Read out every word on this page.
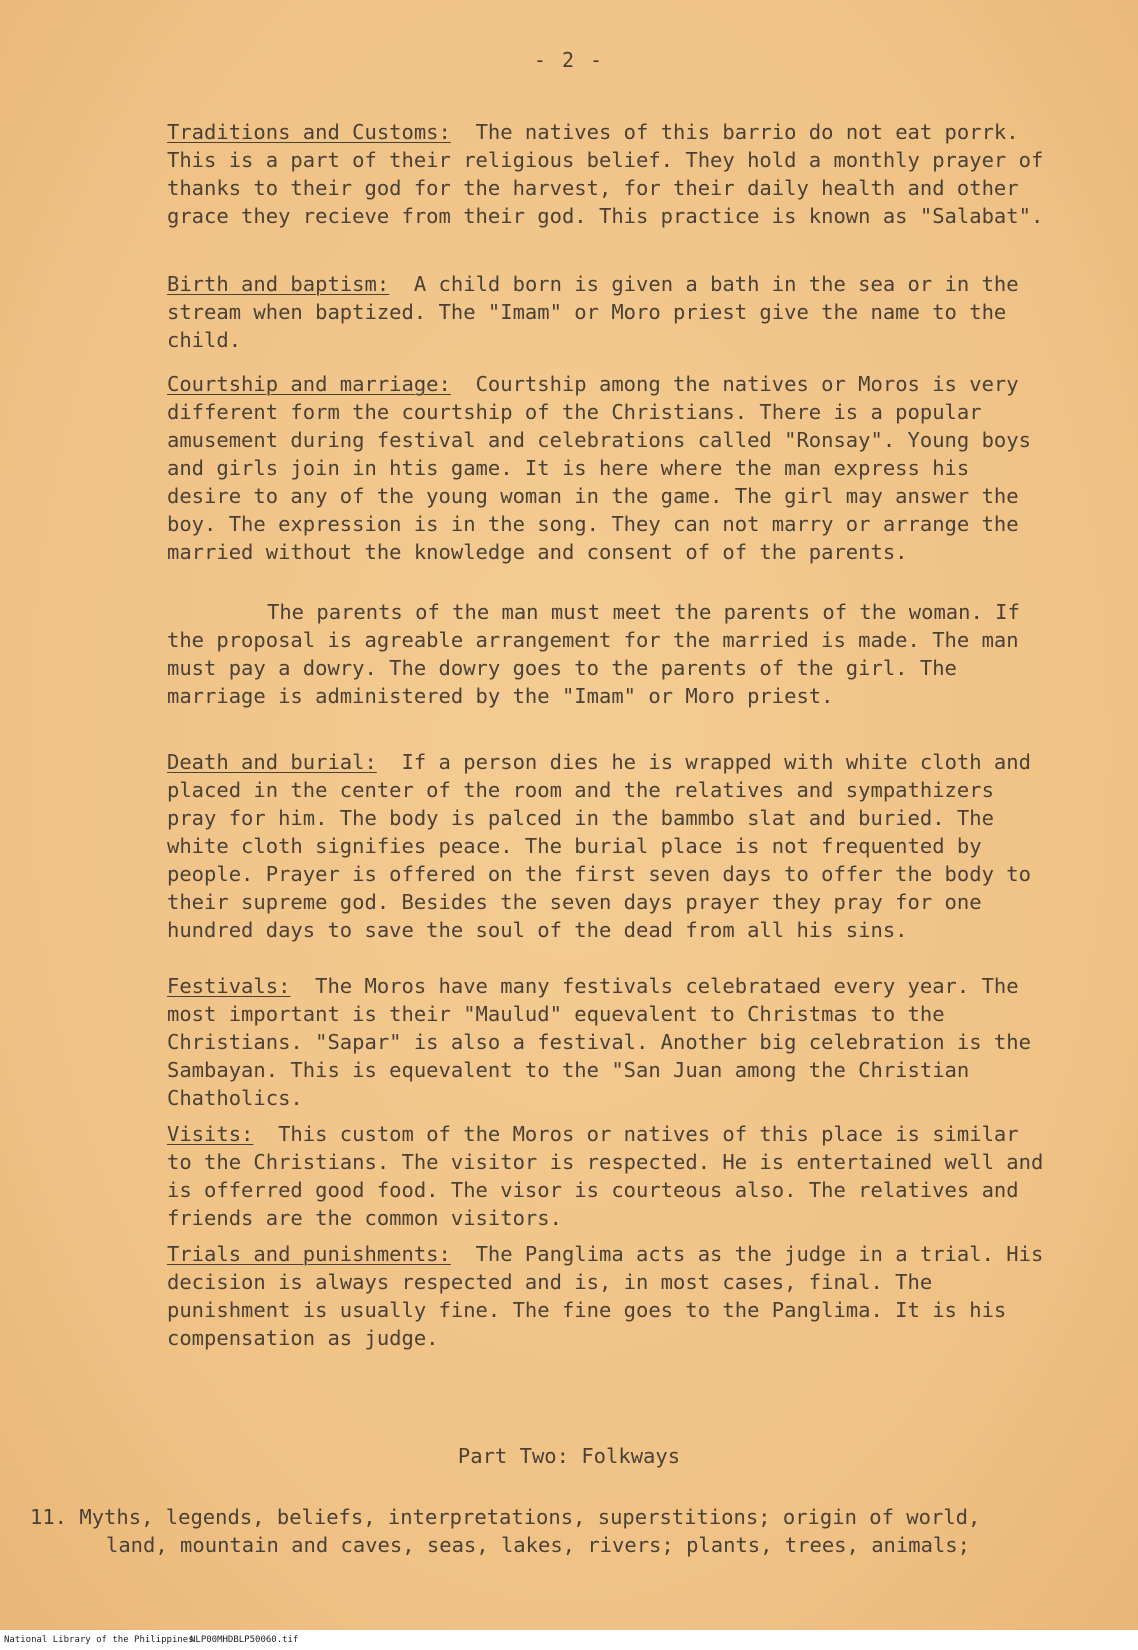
- 2 -

Traditions and Customs: The natives of this barrio do not eat porrk. This is a part of their religious belief. They hold a monthly prayer of thanks to their god for the harvest, for their daily health and other grace they recieve from their god. This practice is known as "Salabat".

Birth and baptism: A child born is given a bath in the sea or in the stream when baptized. The "Imam" or Moro priest give the name to the child.

Courtship and marriage: Courtship among the natives or Moros is very different form the courtship of the Christians. There is a popular amusement during festival and celebrations called "Ronsay". Young boys and girls join in htis game. It is here where the man express his desire to any of the young woman in the game. The girl may answer the boy. The expression is in the song. They can not marry or arrange the married without the knowledge and consent of of the parents.

The parents of the man must meet the parents of the woman. If the proposal is agreable arrangement for the married is made. The man must pay a dowry. The dowry goes to the parents of the girl. The marriage is administered by the "Imam" or Moro priest.

Death and burial: If a person dies he is wrapped with white cloth and placed in the center of the room and the relatives and sympathizers pray for him. The body is palced in the bammbo slat and buried. The white cloth signifies peace. The burial place is not frequented by people. Prayer is offered on the first seven days to offer the body to their supreme god. Besides the seven days prayer they pray for one hundred days to save the soul of the dead from all his sins.

Festivals: The Moros have many festivals celebrataed every year. The most important is their "Maulud" equevalent to Christmas to the Christians. "Sapar" is also a festival. Another big celebration is the Sambayan. This is equevalent to the "San Juan among the Christian Chatholics.

Visits: This custom of the Moros or natives of this place is similar to the Christians. The visitor is respected. He is entertained well and is offerred good food. The visor is courteous also. The relatives and friends are the common visitors.

Trials and punishments: The Panglima acts as the judge in a trial. His decision is always respected and is, in most cases, final. The punishment is usually fine. The fine goes to the Panglima. It is his compensation as judge.

Part Two: Folkways
11. Myths, legends, beliefs, interpretations, superstitions; origin of world,
land, mountain and caves, seas, lakes, rivers; plants, trees, animals;
National Library of the Philippines
NLP00MHDBLP50060.tif
